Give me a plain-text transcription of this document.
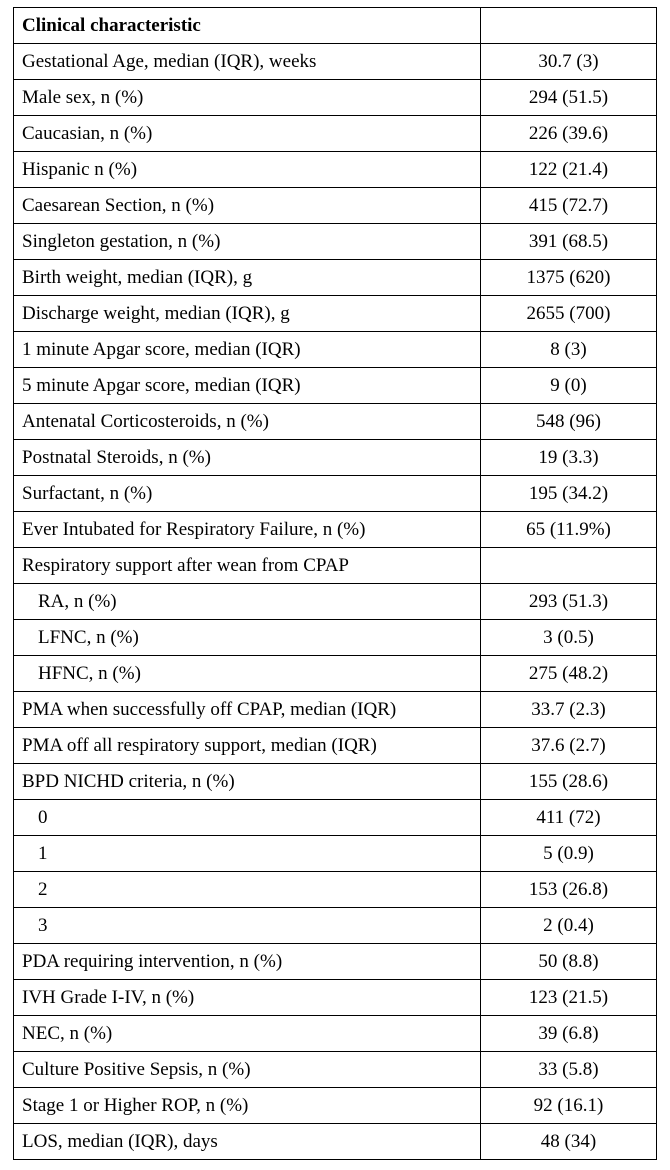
Clinical characteristic	
Gestational Age, median (IQR), weeks	30.7 (3)
Male sex, n (%)	294 (51.5)
Caucasian, n (%)	226 (39.6)
Hispanic n (%)	122 (21.4)
Caesarean Section, n (%)	415 (72.7)
Singleton gestation, n (%)	391 (68.5)
Birth weight, median (IQR), g	1375 (620)
Discharge weight, median (IQR), g	2655 (700)
1 minute Apgar score, median (IQR)	8 (3)
5 minute Apgar score, median (IQR)	9 (0)
Antenatal Corticosteroids, n (%)	548 (96)
Postnatal Steroids, n (%)	19 (3.3)
Surfactant, n (%)	195 (34.2)
Ever Intubated for Respiratory Failure, n (%)	65 (11.9%)
Respiratory support after wean from CPAP	
RA, n (%)	293 (51.3)
LFNC, n (%)	3 (0.5)
HFNC, n (%)	275 (48.2)
PMA when successfully off CPAP, median (IQR)	33.7 (2.3)
PMA off all respiratory support, median (IQR)	37.6 (2.7)
BPD NICHD criteria, n (%)	155 (28.6)
0	411 (72)
1	5 (0.9)
2	153 (26.8)
3	2 (0.4)
PDA requiring intervention, n (%)	50 (8.8)
IVH Grade I-IV, n (%)	123 (21.5)
NEC, n (%)	39 (6.8)
Culture Positive Sepsis, n (%)	33 (5.8)
Stage 1 or Higher ROP, n (%)	92 (16.1)
LOS, median (IQR), days	48 (34)
